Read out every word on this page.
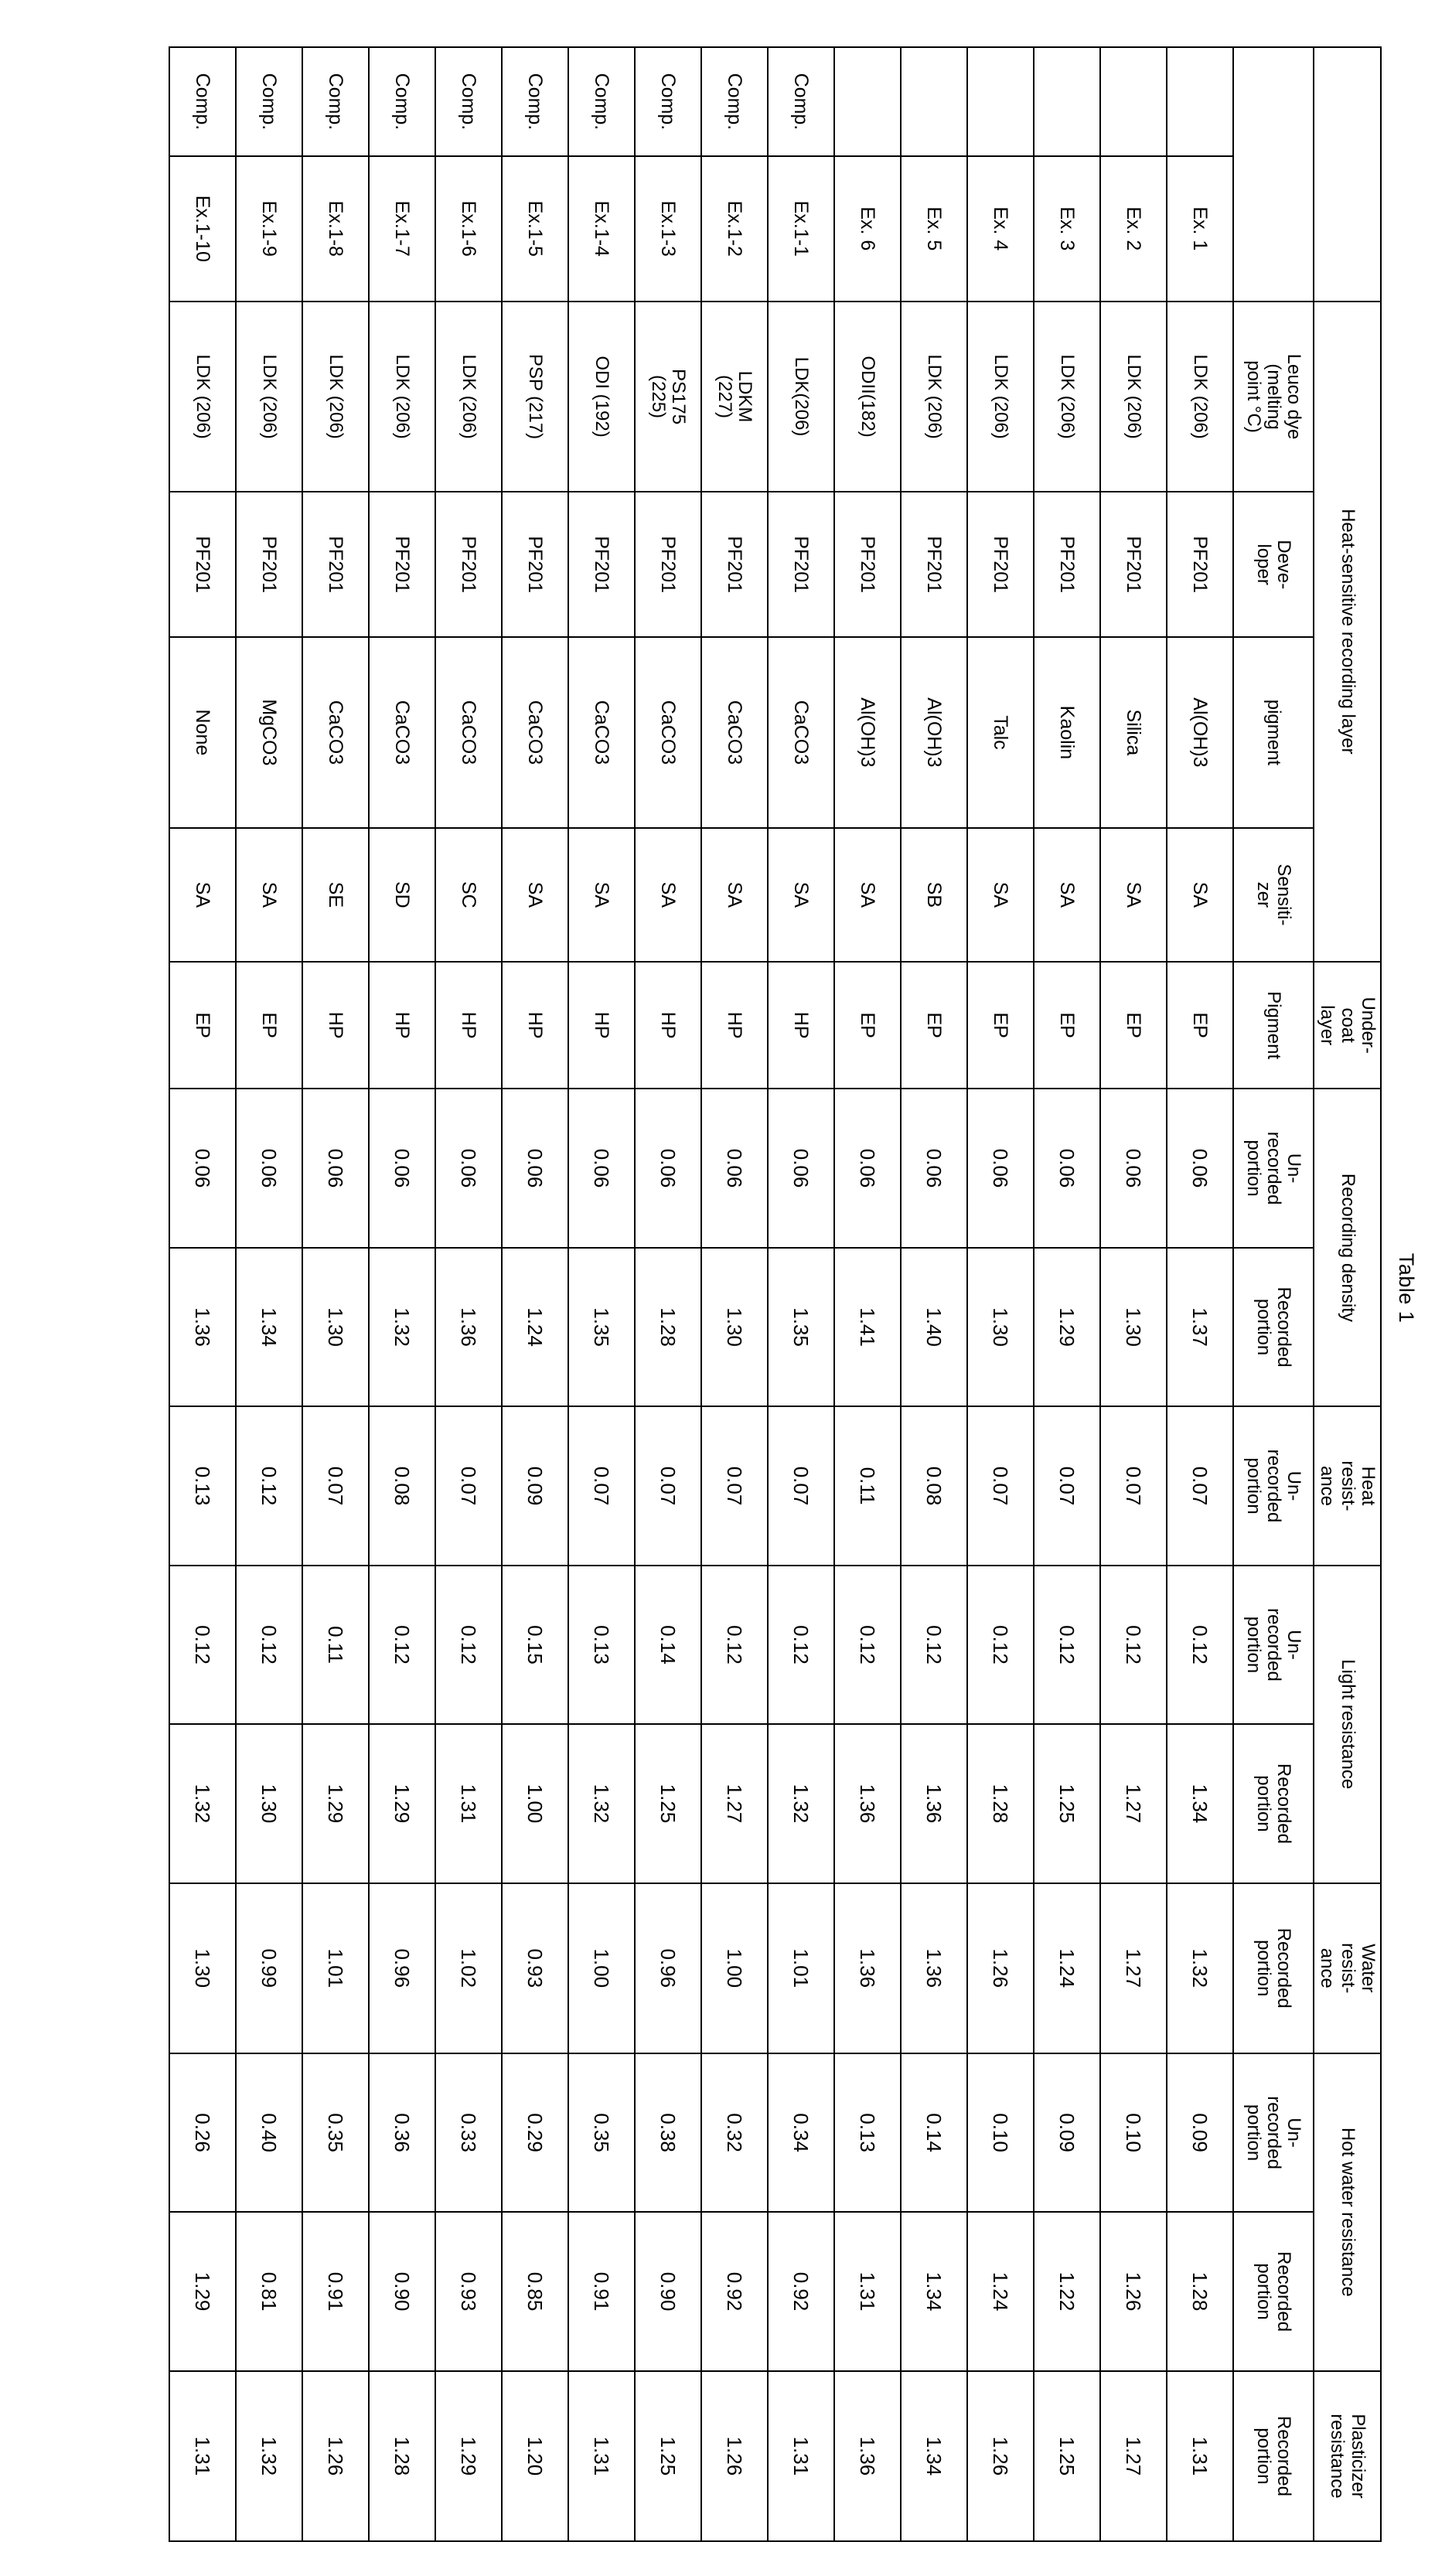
Table 1
		Heat-sensitive recording layer				Under-
coat
layer	Recording density		Heat
resist-
ance	Light resistance		Water
resist-
ance	Hot water resistance		Plasticizer
resistance
		Leuco dye
(melting
point °C)	Deve-
loper	pigment	Sensiti-
zer	Pigment	Un-
recorded
portion	Recorded
portion	Un-
recorded
portion	Un-
recorded
portion	Recorded
portion	Recorded
portion	Un-
recorded
portion	Recorded
portion	Recorded
portion
	Ex. 1	LDK (206)	PF201	Al(OH)3	SA	EP	0.06	1.37	0.07	0.12	1.34	1.32	0.09	1.28	1.31
	Ex. 2	LDK (206)	PF201	Silica	SA	EP	0.06	1.30	0.07	0.12	1.27	1.27	0.10	1.26	1.27
	Ex. 3	LDK (206)	PF201	Kaolin	SA	EP	0.06	1.29	0.07	0.12	1.25	1.24	0.09	1.22	1.25
	Ex. 4	LDK (206)	PF201	Talc	SA	EP	0.06	1.30	0.07	0.12	1.28	1.26	0.10	1.24	1.26
	Ex. 5	LDK (206)	PF201	Al(OH)3	SB	EP	0.06	1.40	0.08	0.12	1.36	1.36	0.14	1.34	1.34
	Ex. 6	ODII(182)	PF201	Al(OH)3	SA	EP	0.06	1.41	0.11	0.12	1.36	1.36	0.13	1.31	1.36
Comp.	Ex.1-1	LDK(206)	PF201	CaCO3	SA	HP	0.06	1.35	0.07	0.12	1.32	1.01	0.34	0.92	1.31
Comp.	Ex.1-2	LDKM
(227)	PF201	CaCO3	SA	HP	0.06	1.30	0.07	0.12	1.27	1.00	0.32	0.92	1.26
Comp.	Ex.1-3	PS175
(225)	PF201	CaCO3	SA	HP	0.06	1.28	0.07	0.14	1.25	0.96	0.38	0.90	1.25
Comp.	Ex.1-4	ODI (192)	PF201	CaCO3	SA	HP	0.06	1.35	0.07	0.13	1.32	1.00	0.35	0.91	1.31
Comp.	Ex.1-5	PSP (217)	PF201	CaCO3	SA	HP	0.06	1.24	0.09	0.15	1.00	0.93	0.29	0.85	1.20
Comp.	Ex.1-6	LDK (206)	PF201	CaCO3	SC	HP	0.06	1.36	0.07	0.12	1.31	1.02	0.33	0.93	1.29
Comp.	Ex.1-7	LDK (206)	PF201	CaCO3	SD	HP	0.06	1.32	0.08	0.12	1.29	0.96	0.36	0.90	1.28
Comp.	Ex.1-8	LDK (206)	PF201	CaCO3	SE	HP	0.06	1.30	0.07	0.11	1.29	1.01	0.35	0.91	1.26
Comp.	Ex.1-9	LDK (206)	PF201	MgCO3	SA	EP	0.06	1.34	0.12	0.12	1.30	0.99	0.40	0.81	1.32
Comp.	Ex.1-10	LDK (206)	PF201	None	SA	EP	0.06	1.36	0.13	0.12	1.32	1.30	0.26	1.29	1.31
